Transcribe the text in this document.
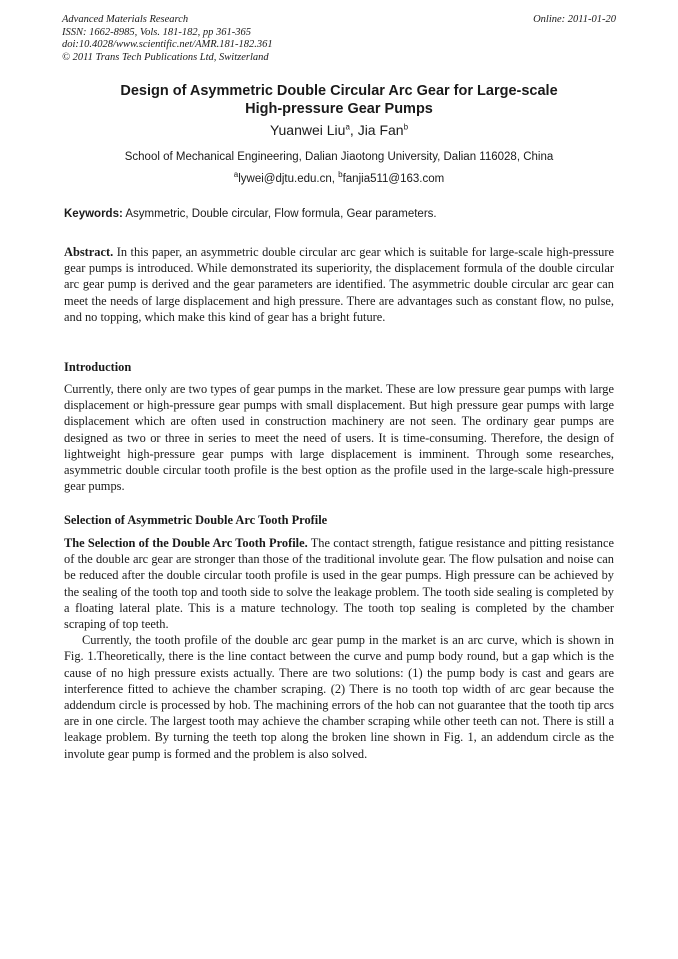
Advanced Materials Research
ISSN: 1662-8985, Vols. 181-182, pp 361-365
doi:10.4028/www.scientific.net/AMR.181-182.361
© 2011 Trans Tech Publications Ltd, Switzerland
Online: 2011-01-20
Design of Asymmetric Double Circular Arc Gear for Large-scale
High-pressure Gear Pumps
Yuanwei Liu$^a$, Jia Fan$^b$
School of Mechanical Engineering, Dalian Jiaotong University, Dalian 116028, China
$^a$lywei@djtu.edu.cn, $^b$fanjia511@163.com
Keywords: Asymmetric, Double circular, Flow formula, Gear parameters.

Abstract. In this paper, an asymmetric double circular arc gear which is suitable for large-scale high-pressure gear pumps is introduced. While demonstrated its superiority, the displacement formula of the double circular arc gear pump is derived and the gear parameters are identified. The asymmetric double circular arc gear can meet the needs of large displacement and high pressure. There are advantages such as constant flow, no pulse, and no topping, which make this kind of gear has a bright future.

Introduction

Currently, there only are two types of gear pumps in the market. These are low pressure gear pumps with large displacement or high-pressure gear pumps with small displacement. But high pressure gear pumps with large displacement which are often used in construction machinery are not seen. The ordinary gear pumps are designed as two or three in series to meet the need of users. It is time-consuming. Therefore, the design of lightweight high-pressure gear pumps with large displacement is imminent. Through some researches, asymmetric double circular tooth profile is the best option as the profile used in the large-scale high-pressure gear pumps.

Selection of Asymmetric Double Arc Tooth Profile

The Selection of the Double Arc Tooth Profile. The contact strength, fatigue resistance and pitting resistance of the double arc gear are stronger than those of the traditional involute gear. The flow pulsation and noise can be reduced after the double circular tooth profile is used in the gear pumps. High pressure can be achieved by the sealing of the tooth top and tooth side to solve the leakage problem. The tooth side sealing is completed by a floating lateral plate. This is a mature technology. The tooth top sealing is completed by the chamber scraping of top teeth.

Currently, the tooth profile of the double arc gear pump in the market is an arc curve, which is shown in Fig. 1.Theoretically, there is the line contact between the curve and pump body round, but a gap which is the cause of no high pressure exists actually. There are two solutions: (1) the pump body is cast and gears are interference fitted to achieve the chamber scraping. (2) There is no tooth top width of arc gear because the addendum circle is processed by hob. The machining errors of the hob can not guarantee that the tooth tip arcs are in one circle. The largest tooth may achieve the chamber scraping while other teeth can not. There is still a leakage problem. By turning the teeth top along the broken line shown in Fig. 1, an addendum circle as the involute gear pump is formed and the problem is also solved.
